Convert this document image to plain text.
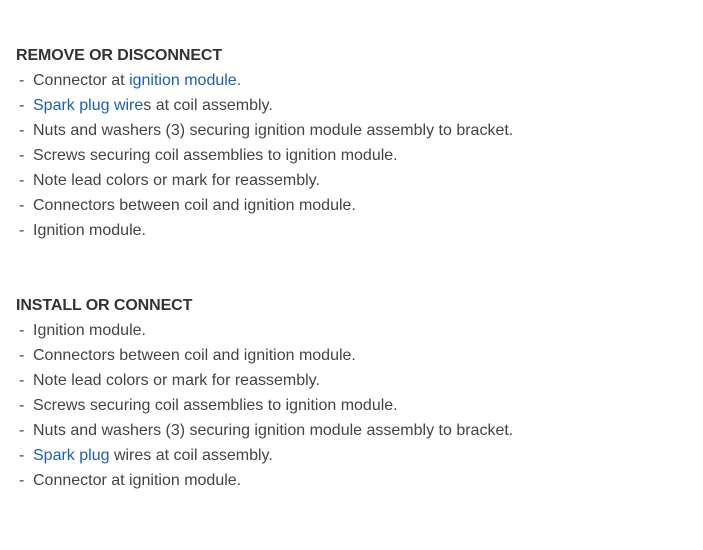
REMOVE OR DISCONNECT
- Connector at ignition module.
- Spark plug wires at coil assembly.
- Nuts and washers (3) securing ignition module assembly to bracket.
- Screws securing coil assemblies to ignition module.
- Note lead colors or mark for reassembly.
- Connectors between coil and ignition module.
- Ignition module.
INSTALL OR CONNECT
- Ignition module.
- Connectors between coil and ignition module.
- Note lead colors or mark for reassembly.
- Screws securing coil assemblies to ignition module.
- Nuts and washers (3) securing ignition module assembly to bracket.
- Spark plug wires at coil assembly.
- Connector at ignition module.
